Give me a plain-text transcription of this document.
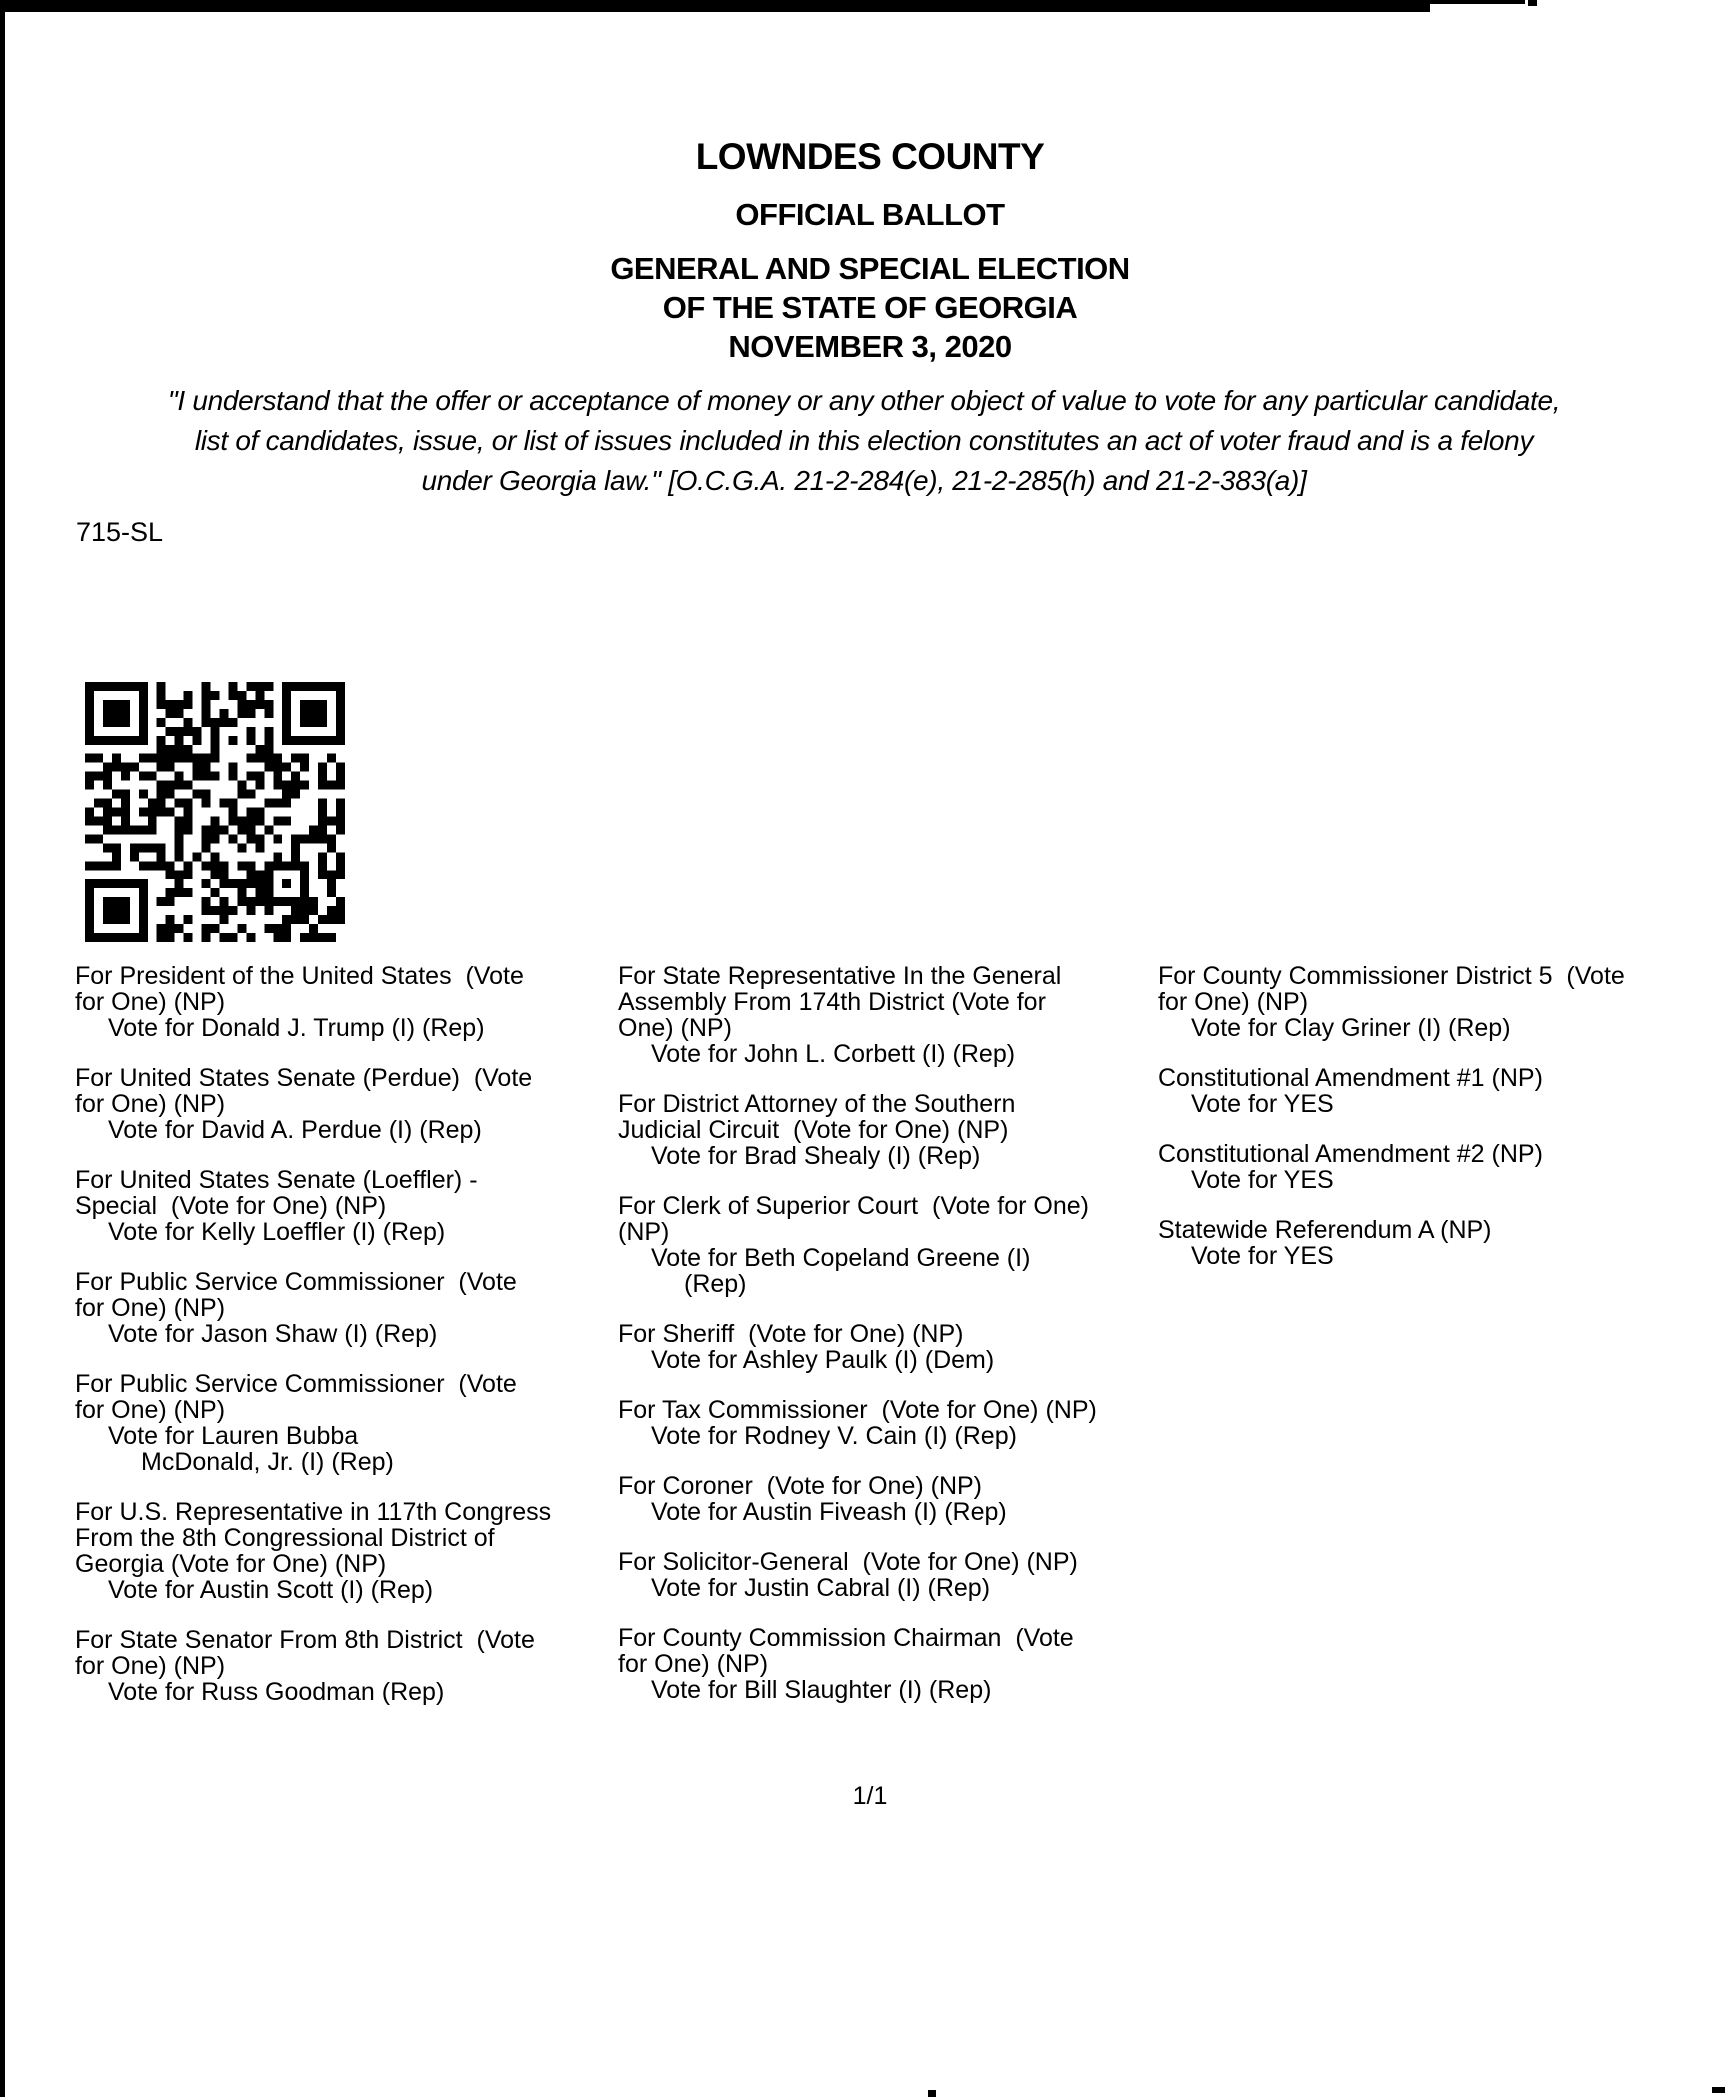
LOWNDES COUNTY
OFFICIAL BALLOT
GENERAL AND SPECIAL ELECTION
OF THE STATE OF GEORGIA
NOVEMBER 3, 2020
"I understand that the offer or acceptance of money or any other object of value to vote for any particular candidate,
list of candidates, issue, or list of issues included in this election constitutes an act of voter fraud and is a felony
under Georgia law." [O.C.G.A. 21-2-284(e), 21-2-285(h) and 21-2-383(a)]
715-SL
For President of the United States  (Vote
for One) (NP)
Vote for Donald J. Trump (I) (Rep)
For United States Senate (Perdue)  (Vote
for One) (NP)
Vote for David A. Perdue (I) (Rep)
For United States Senate (Loeffler) -
Special  (Vote for One) (NP)
Vote for Kelly Loeffler (I) (Rep)
For Public Service Commissioner  (Vote
for One) (NP)
Vote for Jason Shaw (I) (Rep)
For Public Service Commissioner  (Vote
for One) (NP)
Vote for Lauren Bubba
McDonald, Jr. (I) (Rep)
For U.S. Representative in 117th Congress
From the 8th Congressional District of
Georgia (Vote for One) (NP)
Vote for Austin Scott (I) (Rep)
For State Senator From 8th District  (Vote
for One) (NP)
Vote for Russ Goodman (Rep)
For State Representative In the General
Assembly From 174th District (Vote for
One) (NP)
Vote for John L. Corbett (I) (Rep)
For District Attorney of the Southern
Judicial Circuit  (Vote for One) (NP)
Vote for Brad Shealy (I) (Rep)
For Clerk of Superior Court  (Vote for One)
(NP)
Vote for Beth Copeland Greene (I)
(Rep)
For Sheriff  (Vote for One) (NP)
Vote for Ashley Paulk (I) (Dem)
For Tax Commissioner  (Vote for One) (NP)
Vote for Rodney V. Cain (I) (Rep)
For Coroner  (Vote for One) (NP)
Vote for Austin Fiveash (I) (Rep)
For Solicitor-General  (Vote for One) (NP)
Vote for Justin Cabral (I) (Rep)
For County Commission Chairman  (Vote
for One) (NP)
Vote for Bill Slaughter (I) (Rep)
For County Commissioner District 5  (Vote
for One) (NP)
Vote for Clay Griner (I) (Rep)
Constitutional Amendment #1 (NP)
Vote for YES
Constitutional Amendment #2 (NP)
Vote for YES
Statewide Referendum A (NP)
Vote for YES
1/1
